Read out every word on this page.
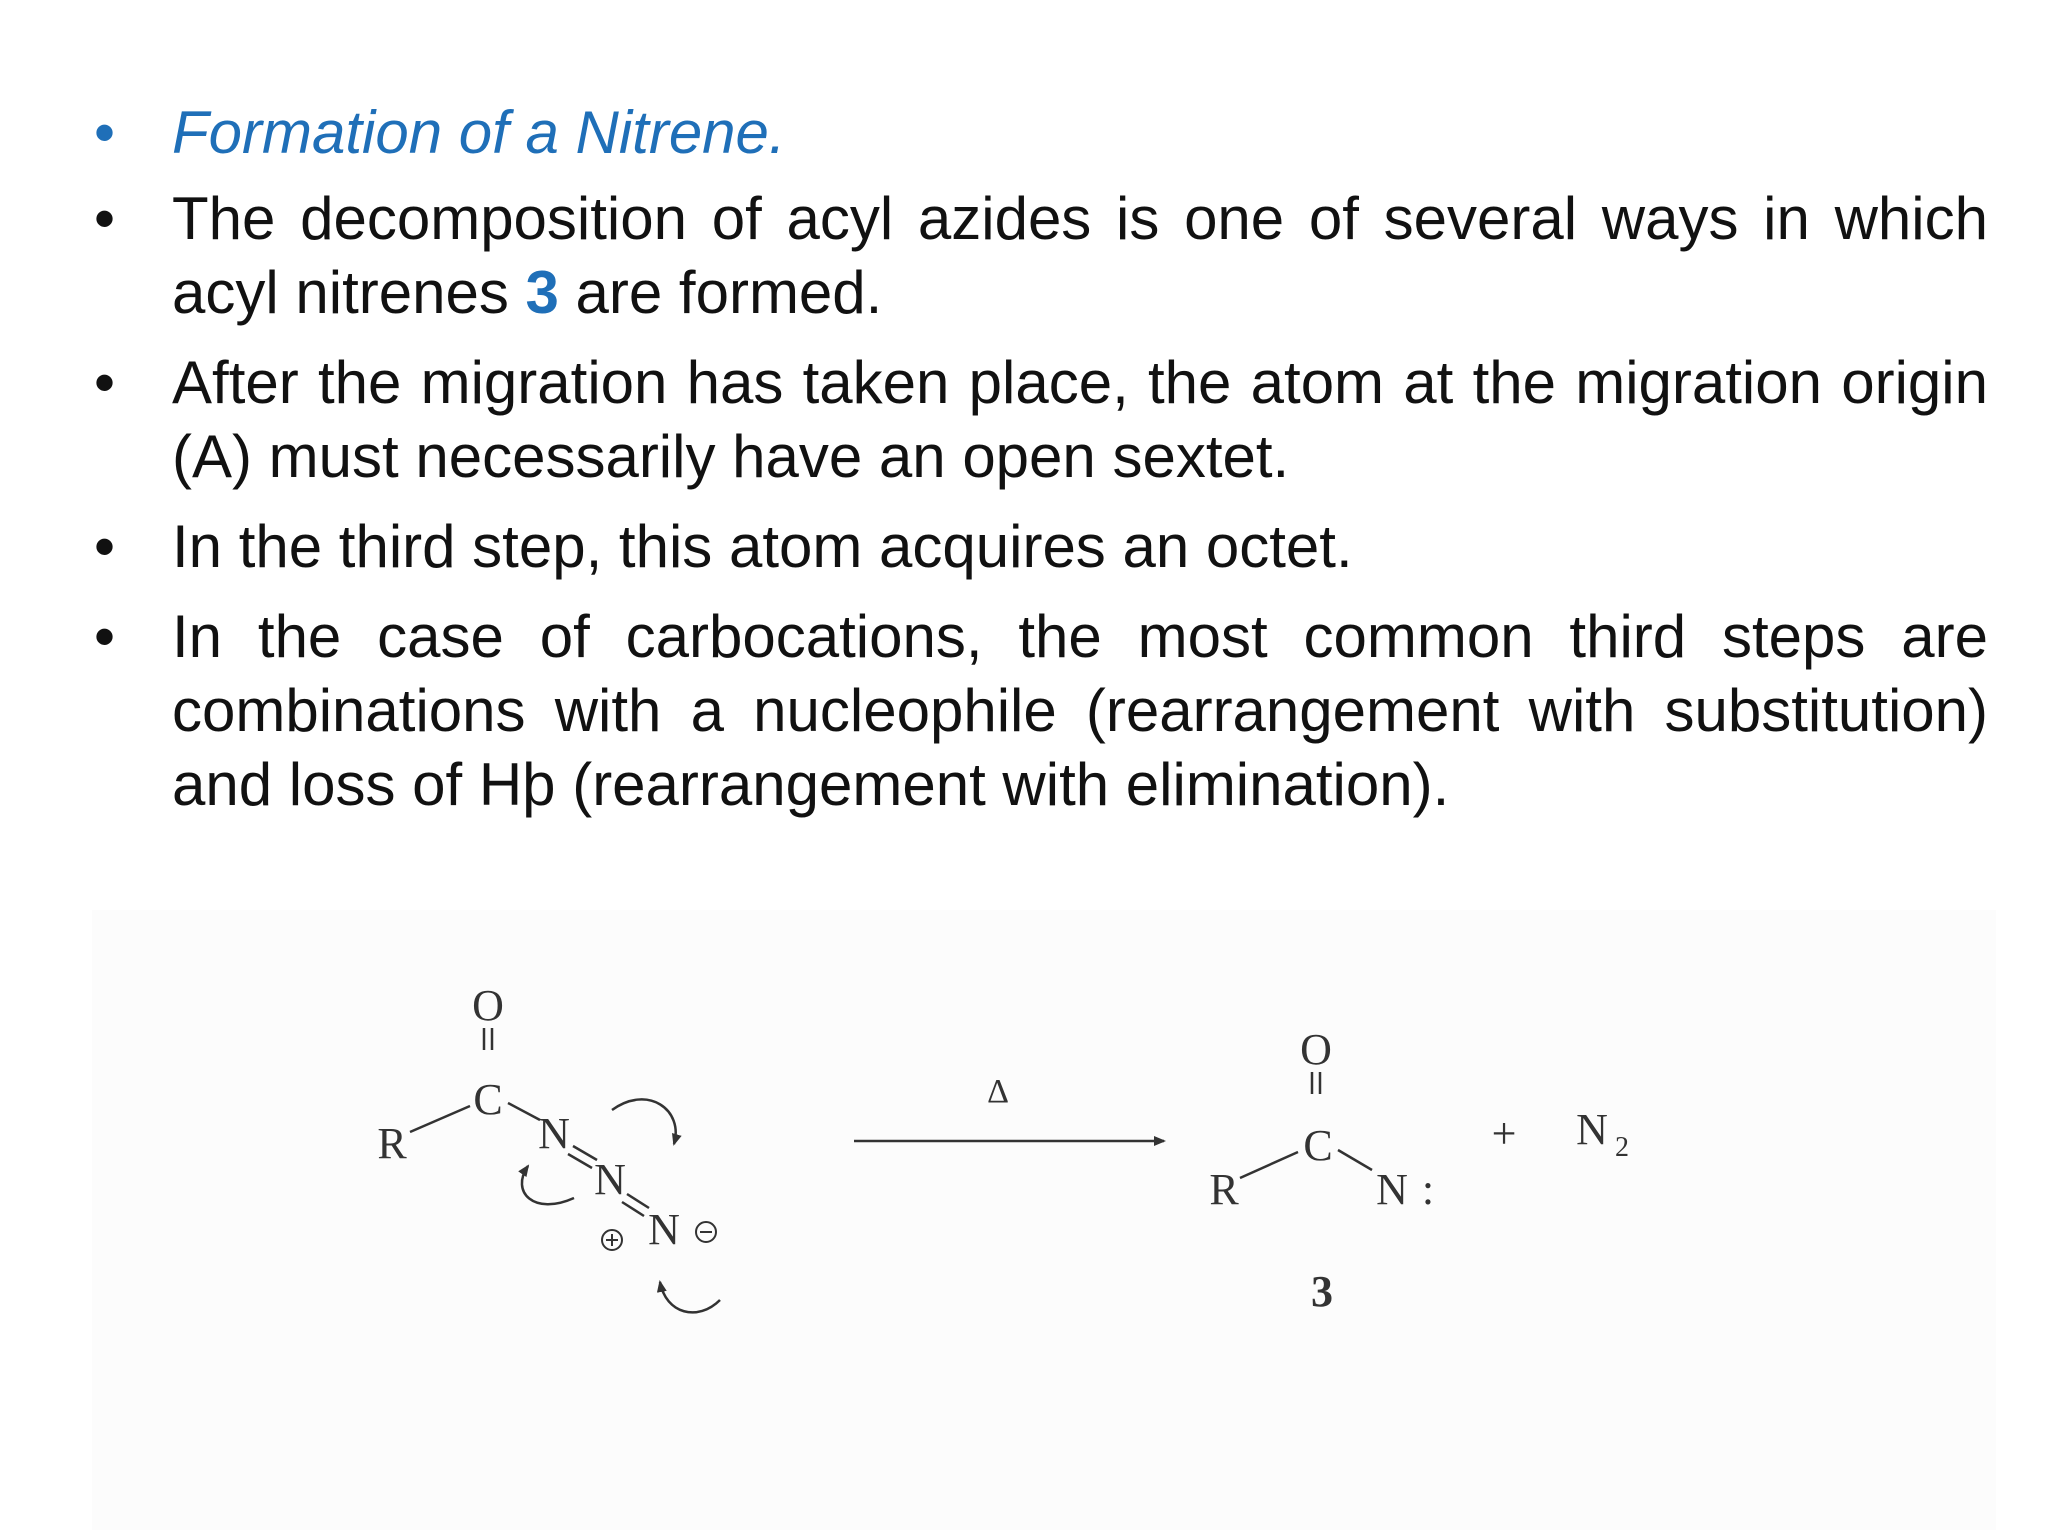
• Formation of a Nitrene.
• The decomposition of acyl azides is one of several ways in which acyl nitrenes 3 are formed.
• After the migration has taken place, the atom at the migration origin (A) must necessarily have an open sextet.
• In the third step, this atom acquires an octet.
• In the case of carbocations, the most common third steps are combinations with a nucleophile (rearrangement with substitution) and loss of Hþ (rearrangement with elimination).
O
C
R	N
N
N
Δ
O
C
R	N :
3
+ N 2
